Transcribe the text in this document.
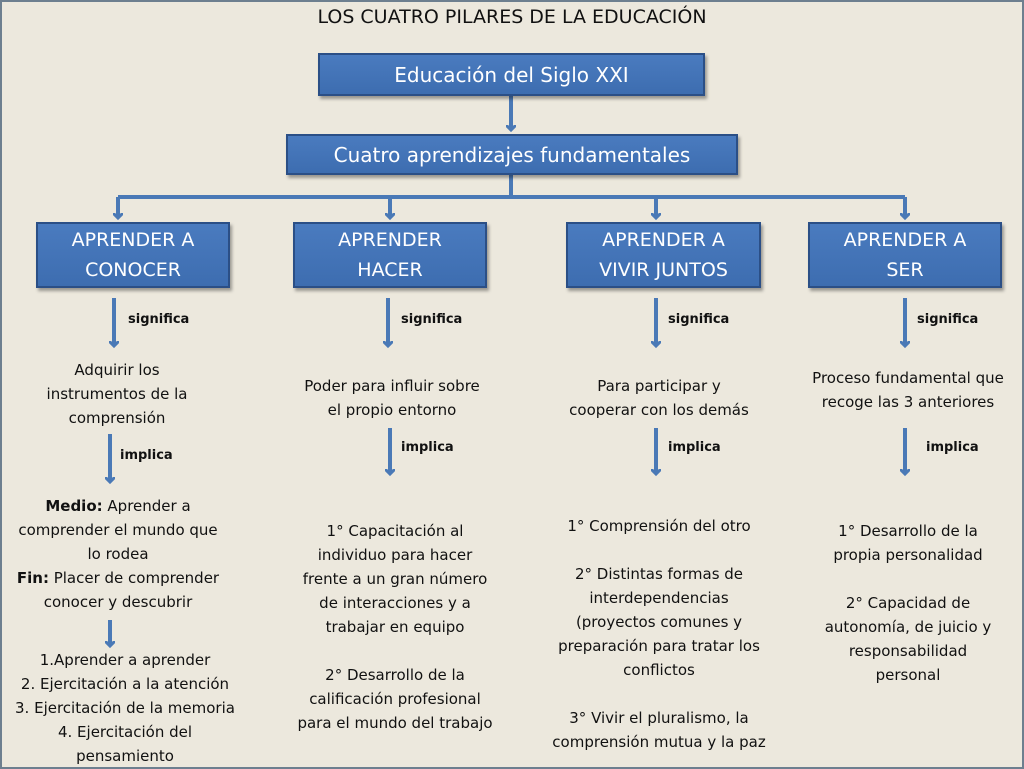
LOS CUATRO PILARES DE LA EDUCACIÓN
Educación del Siglo XXI
Cuatro aprendizajes fundamentales
APRENDER A
CONOCER
APRENDER
HACER
APRENDER A
VIVIR JUNTOS
APRENDER A
SER
significa	significa	significa	significa
implica
implica	implica	implica

Adquirir los

instrumentos de la

comprensión

Poder para influir sobre

el propio entorno

Para participar y

cooperar con los demás

Proceso fundamental que

recoge las 3 anteriores

Medio: Aprender a

comprender el mundo que

lo rodea

Fin: Placer de comprender

conocer y descubrir

1.Aprender a aprender

2. Ejercitación a la atención

3. Ejercitación de la memoria

4. Ejercitación del

pensamiento

1° Capacitación al

individuo para hacer

frente a un gran número

de interacciones y a

trabajar en equipo

2° Desarrollo de la

calificación profesional

para el mundo del trabajo

1° Comprensión del otro

2° Distintas formas de

interdependencias

(proyectos comunes y

preparación para tratar los

conflictos

3° Vivir el pluralismo, la

comprensión mutua y la paz

1° Desarrollo de la

propia personalidad

2° Capacidad de

autonomía, de juicio y

responsabilidad

personal
